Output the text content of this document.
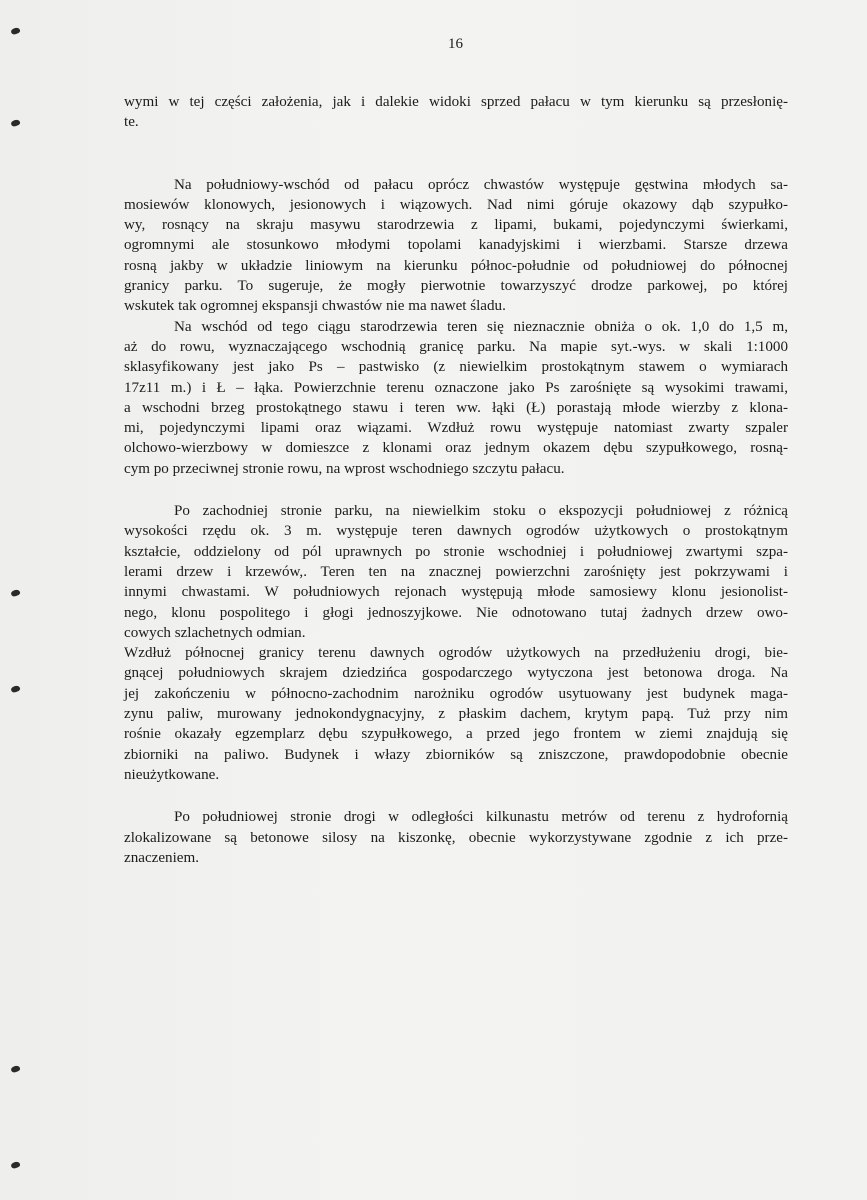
16

wymi w tej części założenia, jak i dalekie widoki sprzed pałacu w tym kierunku są przesłonię-
te.

Na południowy-wschód od pałacu oprócz chwastów występuje gęstwina młodych sa-
mosiewów klonowych, jesionowych i wiązowych. Nad nimi góruje okazowy dąb szypułko-
wy, rosnący na skraju masywu starodrzewia z lipami, bukami, pojedynczymi świerkami,
ogromnymi ale stosunkowo młodymi topolami kanadyjskimi i wierzbami. Starsze drzewa
rosną jakby w układzie liniowym na kierunku północ-południe od południowej do północnej
granicy parku. To sugeruje, że mogły pierwotnie towarzyszyć drodze parkowej, po której
wskutek tak ogromnej ekspansji chwastów nie ma nawet śladu.

Na wschód od tego ciągu starodrzewia teren się nieznacznie obniża o ok. 1,0 do 1,5 m,
aż do rowu, wyznaczającego wschodnią granicę parku. Na mapie syt.-wys. w skali 1:1000
sklasyfikowany jest jako Ps – pastwisko (z niewielkim prostokątnym stawem o wymiarach
17z11 m.) i Ł – łąka. Powierzchnie terenu oznaczone jako Ps zarośnięte są wysokimi trawami,
a wschodni brzeg prostokątnego stawu i teren ww. łąki (Ł) porastają młode wierzby z klona-
mi, pojedynczymi lipami oraz wiązami. Wzdłuż rowu występuje natomiast zwarty szpaler
olchowo-wierzbowy w domieszce z klonami oraz jednym okazem dębu szypułkowego, rosną-
cym po przeciwnej stronie rowu, na wprost wschodniego szczytu pałacu.

Po zachodniej stronie parku, na niewielkim stoku o ekspozycji południowej z różnicą
wysokości rzędu ok. 3 m. występuje teren dawnych ogrodów użytkowych o prostokątnym
kształcie, oddzielony od pól uprawnych po stronie wschodniej i południowej zwartymi szpa-
lerami drzew i krzewów,. Teren ten na znacznej powierzchni zarośnięty jest pokrzywami i
innymi chwastami. W południowych rejonach występują młode samosiewy klonu jesionolist-
nego, klonu pospolitego i głogi jednoszyjkowe. Nie odnotowano tutaj żadnych drzew owo-
cowych szlachetnych odmian.

Wzdłuż północnej granicy terenu dawnych ogrodów użytkowych na przedłużeniu drogi, bie-
gnącej południowych skrajem dziedzińca gospodarczego wytyczona jest betonowa droga. Na
jej zakończeniu w północno-zachodnim narożniku ogrodów usytuowany jest budynek maga-
zynu paliw, murowany jednokondygnacyjny, z płaskim dachem, krytym papą. Tuż przy nim
rośnie okazały egzemplarz dębu szypułkowego, a przed jego frontem w ziemi znajdują się
zbiorniki na paliwo. Budynek i włazy zbiorników są zniszczone, prawdopodobnie obecnie
nieużytkowane.

Po południowej stronie drogi w odległości kilkunastu metrów od terenu z hydrofornią
zlokalizowane są betonowe silosy na kiszonkę, obecnie wykorzystywane zgodnie z ich prze-
znaczeniem.
